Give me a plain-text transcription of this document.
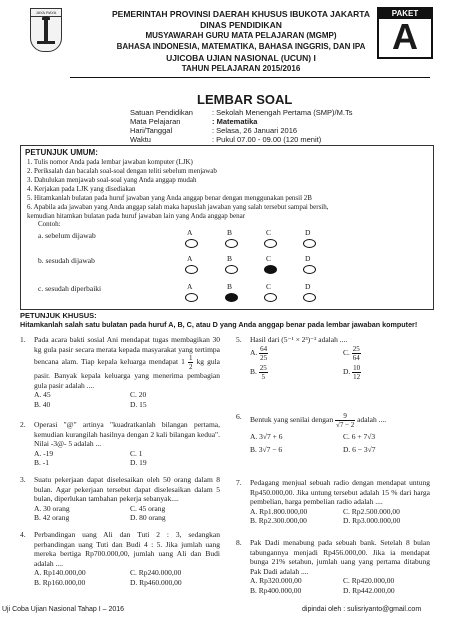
JAYA RAYA	PEMERINTAH PROVINSI DAERAH KHUSUS IBUKOTA JAKARTA
DINAS PENDIDIKAN
MUSYAWARAH GURU MATA PELAJARAN (MGMP)
BAHASA INDONESIA, MATEMATIKA, BAHASA INGGRIS, DAN IPA
UJICOBA UJIAN NASIONAL (UCUN) I
TAHUN PELAJARAN 2015/2016
PAKET
A
LEMBAR SOAL
Satuan Pendidikan	: Sekolah Menengah Pertama (SMP)/M.Ts
Mata Pelajaran	: Matematika
Hari/Tanggal	: Selasa, 26 Januari 2016
Waktu	: Pukul 07.00 - 09.00 (120 menit)
PETUNJUK UMUM:
1. Tulis nomor Anda pada lembar jawaban komputer (LJK)
2. Periksalah dan bacalah soal-soal dengan teliti sebelum menjawab
3. Dahulukan menjawab soal-soal yang Anda anggap mudah
4. Kerjakan pada LJK yang disediakan
5. Hitamkanlah bulatan pada huruf jawaban yang Anda anggap benar dengan menggunakan pensil 2B
6. Apabila ada jawaban yang Anda anggap salah maka hapuslah jawaban yang salah tersebut sampai bersih,
kemudian hitamkan bulatan pada huruf jawaban lain yang Anda anggap benar
Contoh:
a. sebelum dijawab	A	B	C	D
b. sesudah dijawab	A	B	C	D
c. sesudah diperbaiki	A	B	C	D
PETUNJUK KHUSUS:
Hitamkanlah salah satu bulatan pada huruf A, B, C, atau D yang Anda anggap benar pada lembar jawaban komputer!
1. Pada acara bakti sosial Ani mendapat tugas membagikan 30 kg gula pasir secara merata kepada masyarakat yang tertimpa bencana alam. Tiap kepala keluarga mendapat $1 \frac{1}{2}$ kg gula pasir. Banyak kepala keluarga yang menerima pembagian gula pasir adalah ....
A. 45	C. 20
B. 40	D. 15
2. Operasi "@" artinya "kuadratkanlah bilangan pertama, kemudian kurangilah hasilnya dengan 2 kali bilangan kedua". Nilai -3@- 5 adalah ...
A. -19	C. 1
B. -1	D. 19
3. Suatu pekerjaan dapat diselesaikan oleh 50 orang dalam 8 bulan. Agar pekerjaan tersebut dapat diselesaikan dalam 5 bulan, diperlukan tambahan pekerja sebanyak....
A. 30 orang	C. 45 orang
B. 42 orang	D. 80 orang
4. Perbandingan uang Ali dan Tuti 2 : 3, sedangkan perbandingan uang Tuti dan Budi 4 : 5. Jika jumlah uang mereka bertiga Rp700.000,00, jumlah uang Ali dan Budi adalah ....
A. Rp140.000,00	C. Rp240.000,00
B. Rp160.000,00	D. Rp460.000,00
5. Hasil dari (5⁻¹ × 2³)⁻² adalah ....
A. $\frac{64}{25}$	C. $\frac{25}{64}$
B. $\frac{25}{5}$	D. $\frac{10}{12}$
6. Bentuk yang senilai dengan $\frac{9}{√7 - 2}$ adalah ....
A. 3√7 + 6	C. 6 + 7√3
B. 3√7 − 6	D. 6 − 3√7
7. Pedagang menjual sebuah radio dengan mendapat untung Rp450.000,00. Jika untung tersebut adalah 15 % dari harga pembelian, harga pembelian radio adalah ....
A. Rp1.800.000,00	C. Rp2.500.000,00
B. Rp2.300.000,00	D. Rp3.000.000,00
8. Pak Dadi menabung pada sebuah bank. Setelah 8 bulan tabungannya menjadi Rp456.000,00. Jika ia mendapat bunga 21% setahun, jumlah uang yang pertama ditabung Pak Dadi adalah ....
A. Rp320.000,00	C. Rp420.000,00
B. Rp400.000,00	D. Rp442.000,00
Uji Coba Ujian Nasional Tahap I – 2016	dipindai oleh : sulisriyanto@gmail.com
